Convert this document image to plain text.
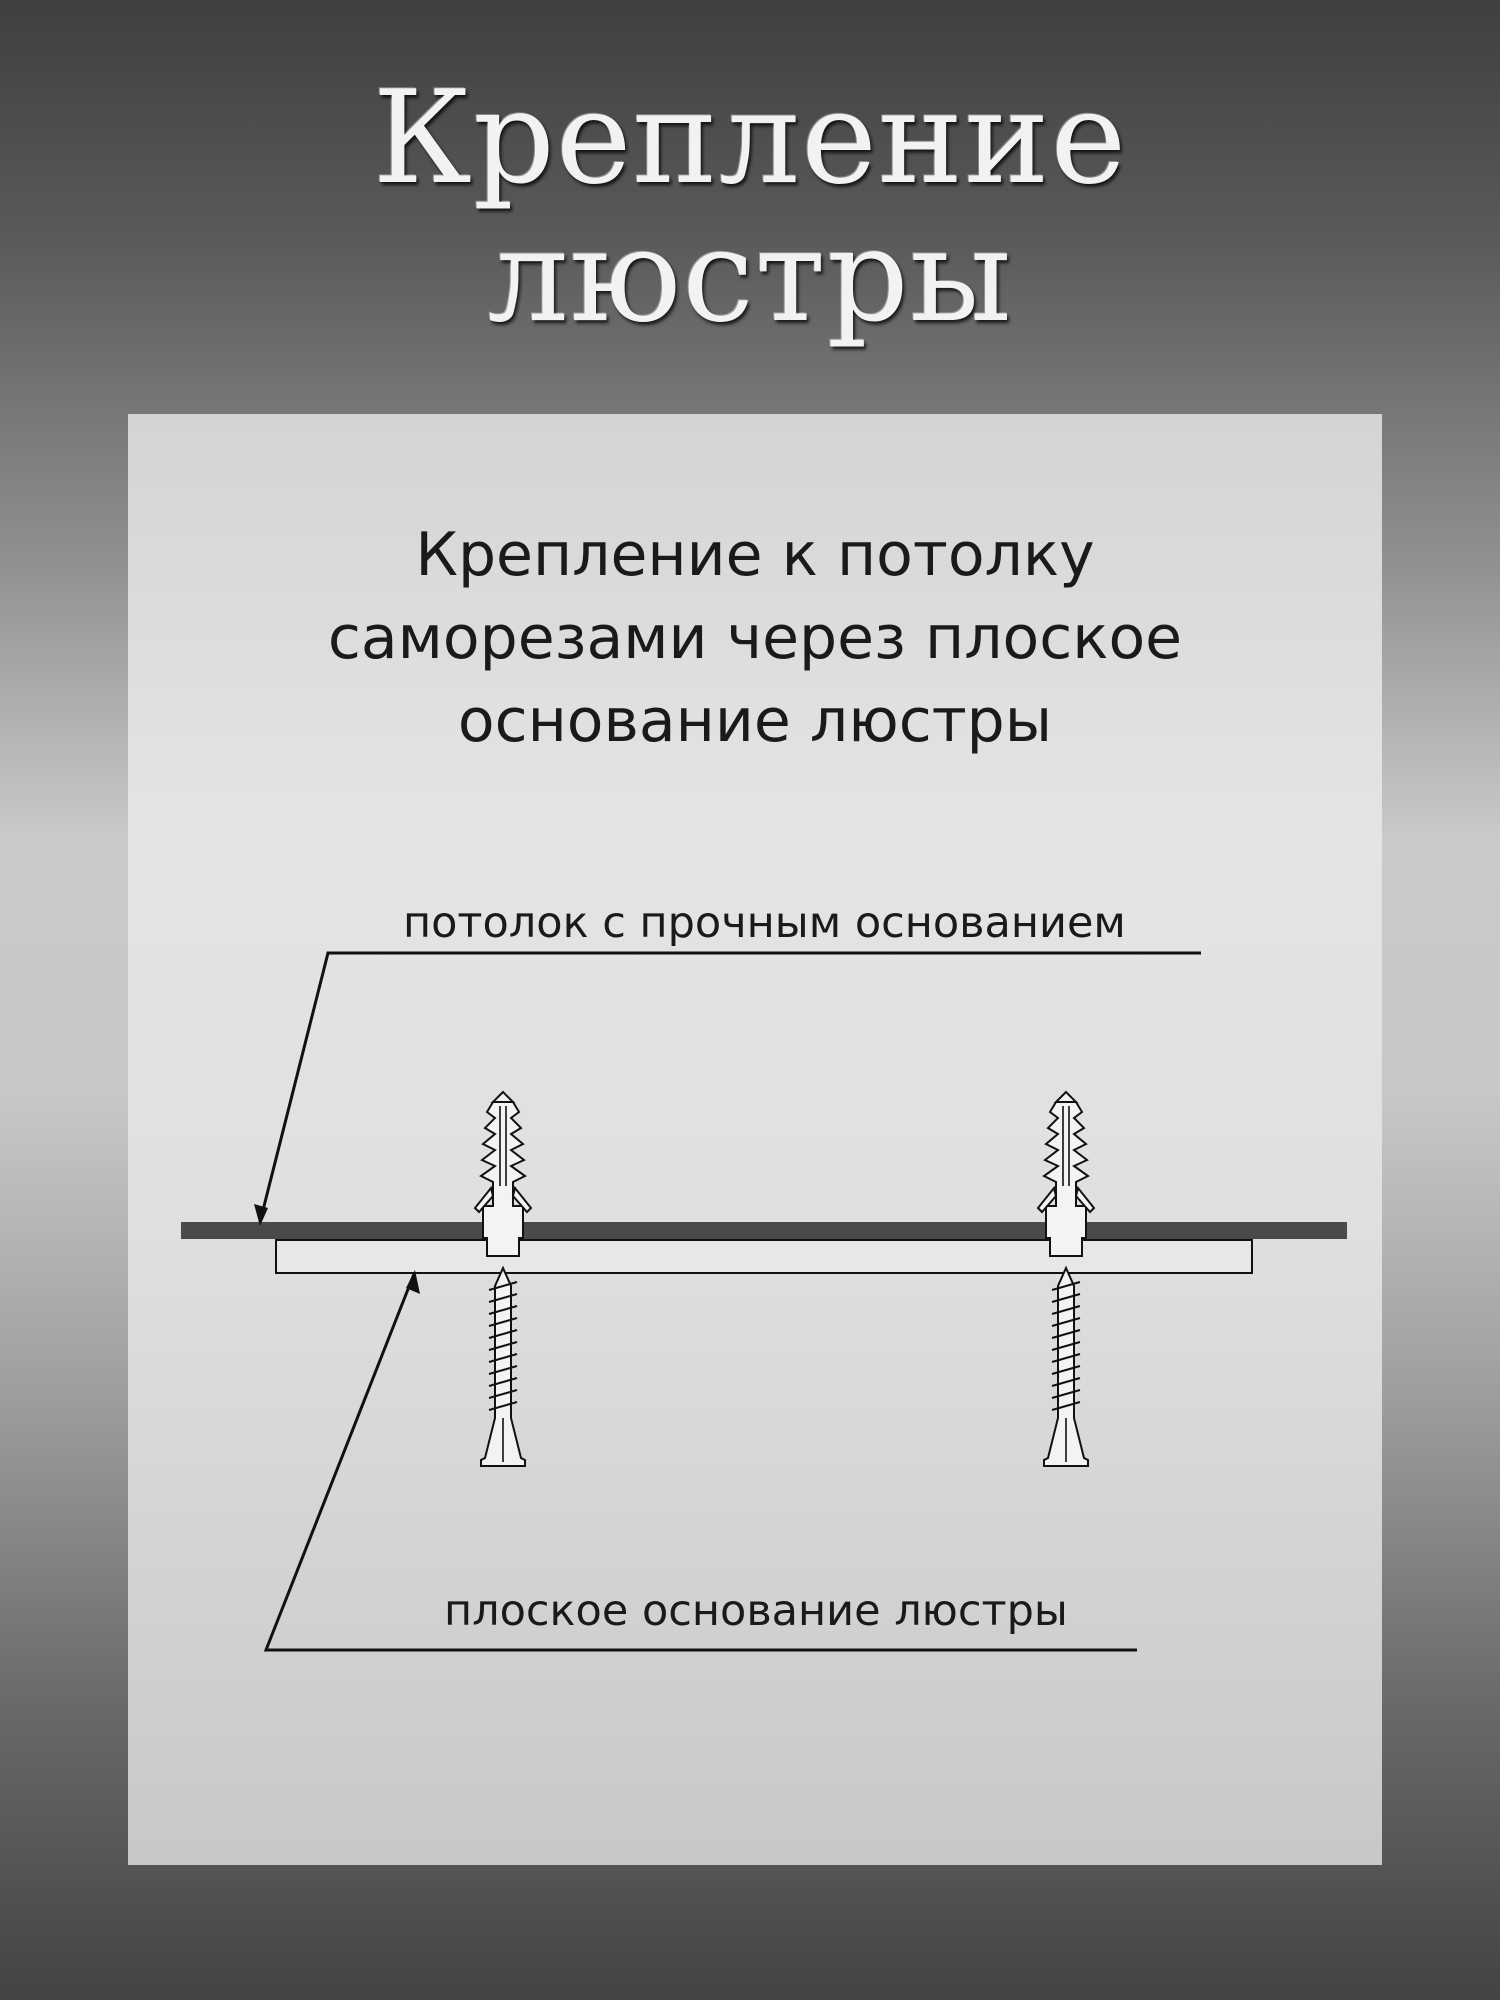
Крепление
люстры
Крепление к потолку
саморезами через плоское
основание люстры
потолок с прочным основанием
плоское основание люстры
